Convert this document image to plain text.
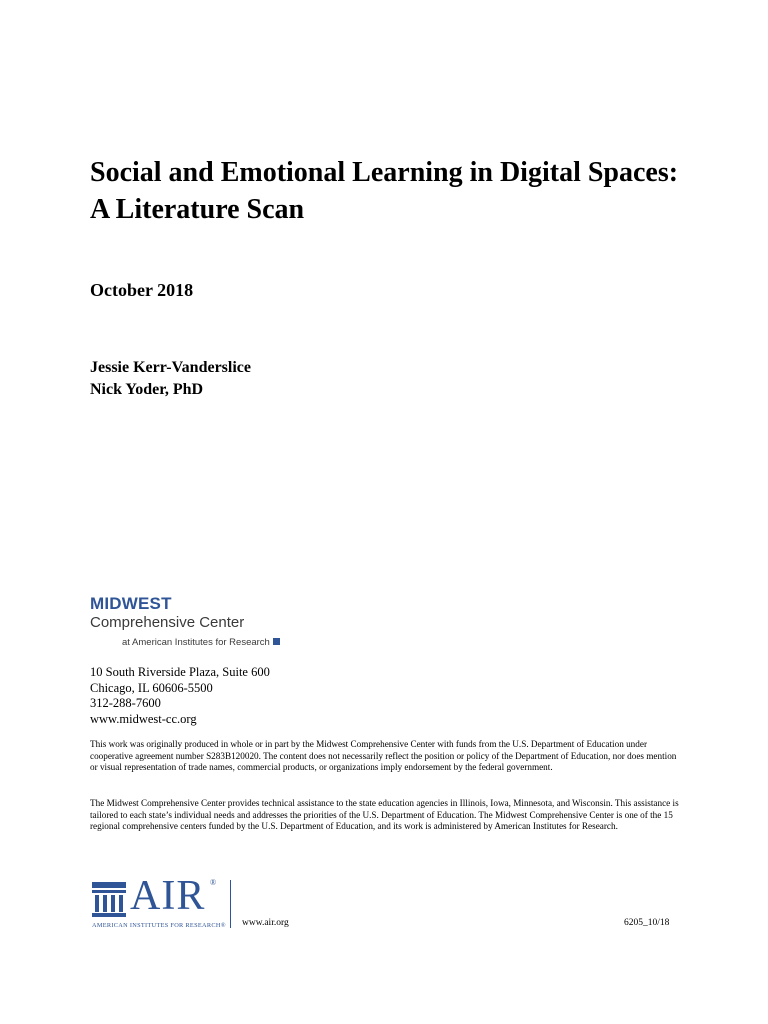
Social and Emotional Learning in Digital Spaces: A Literature Scan
October 2018
Jessie Kerr-Vanderslice
Nick Yoder, PhD
MIDWEST
Comprehensive Center
at American Institutes for Research
10 South Riverside Plaza, Suite 600
Chicago, IL 60606-5500
312-288-7600
www.midwest-cc.org

This work was originally produced in whole or in part by the Midwest Comprehensive Center with funds from the U.S. Department of Education under cooperative agreement number S283B120020. The content does not necessarily reflect the position or policy of the Department of Education, nor does mention or visual representation of trade names, commercial products, or organizations imply endorsement by the federal government.

The Midwest Comprehensive Center provides technical assistance to the state education agencies in Illinois, Iowa, Minnesota, and Wisconsin. This assistance is tailored to each state’s individual needs and addresses the priorities of the U.S. Department of Education. The Midwest Comprehensive Center is one of the 15 regional comprehensive centers funded by the U.S. Department of Education, and its work is administered by American Institutes for Research.

AIR ®
AMERICAN INSTITUTES FOR RESEARCH® www.air.org	6205_10/18
